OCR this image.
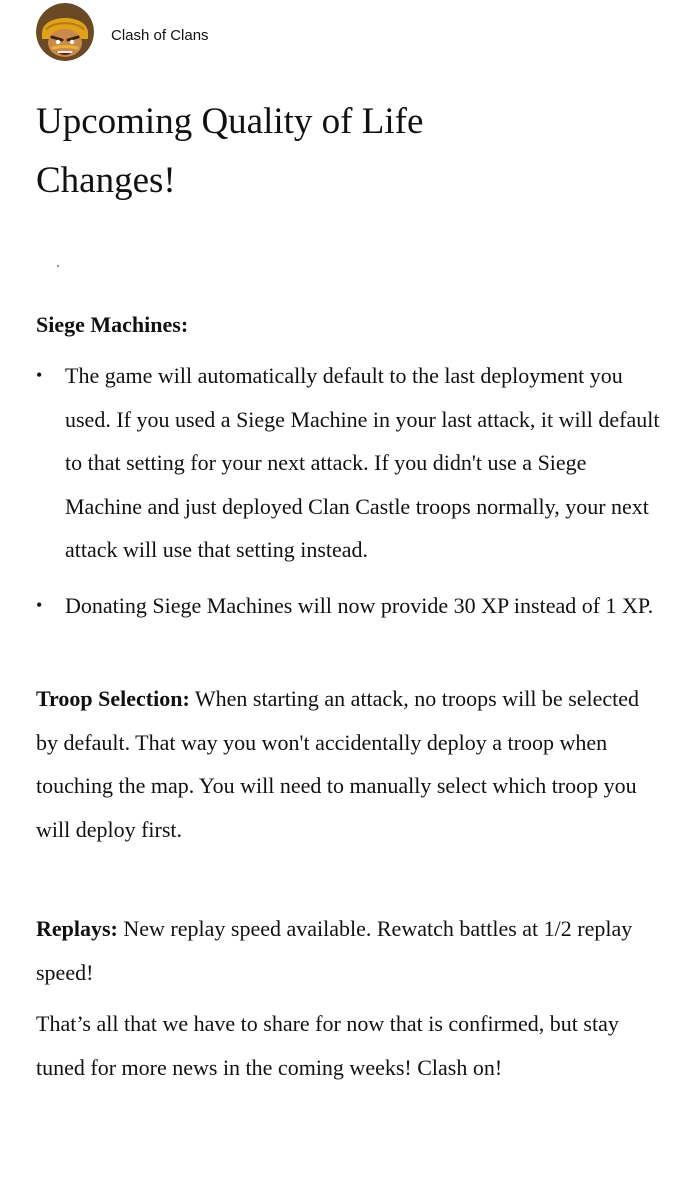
Clash of Clans
Upcoming Quality of Life Changes!
Siege Machines:
• The game will automatically default to the last deployment you used. If you used a Siege Machine in your last attack, it will default to that setting for your next attack. If you didn't use a Siege Machine and just deployed Clan Castle troops normally, your next attack will use that setting instead.
• Donating Siege Machines will now provide 30 XP instead of 1 XP.

Troop Selection: When starting an attack, no troops will be selected by default. That way you won't accidentally deploy a troop when touching the map. You will need to manually select which troop you will deploy first.

Replays: New replay speed available. Rewatch battles at 1/2 replay speed!

That’s all that we have to share for now that is confirmed, but stay tuned for more news in the coming weeks! Clash on!
